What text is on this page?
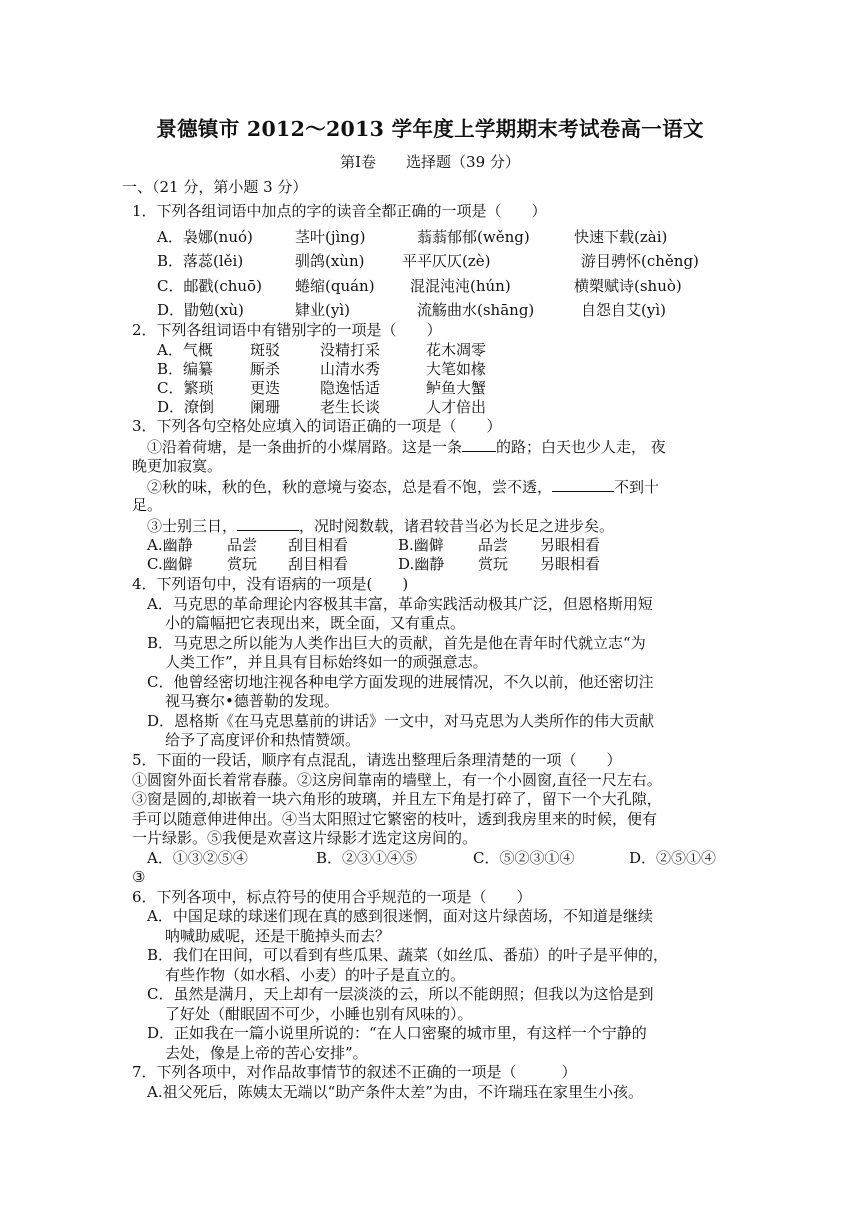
景德镇市 2012～2013 学年度上学期期末考试卷高一语文
第Ⅰ卷　　选择题（39 分）
一、（21 分，第小题 3 分）
1．下列各组词语中加点的字的读音全都正确的一项是（　　）
A．袅娜(nuó)	茎叶(jìng)	蓊蓊郁郁(wěng)	快速下载(zài)
B．落蕊(lěi)	驯鸽(xùn)	平平仄仄(zè)	游目骋怀(chěng)
C．邮戳(chuō) 蜷缩(quán) 混混沌沌(hún)	横槊赋诗(shuò)
D．勖勉(xù)	肄业(yì)	流觞曲水(shāng)	自怨自艾(yì)
2．下列各组词语中有错别字的一项是（　　）
A．气概 斑驳	没精打采	花木凋零
B．编纂 厮杀	山清水秀	大笔如椽
C．繁琐 更迭	隐逸恬适	鲈鱼大蟹
D．潦倒 阑珊	老生长谈	人才倍出
3．下列各句空格处应填入的词语正确的一项是（　　）
①沿着荷塘，是一条曲折的小煤屑路。这是一条 的路；白天也少人走， 夜
晚更加寂寞。
②秋的味，秋的色，秋的意境与姿态，总是看不饱，尝不透，	不到十
足。
③士别三日，	，况时阅数载，诸君较昔当必为长足之进步矣。
A.幽静 品尝 刮目相看	B.幽僻 品尝 另眼相看
C.幽僻 赏玩 刮目相看	D.幽静 赏玩 另眼相看
4．下列语句中，没有语病的一项是(　　)
A．马克思的革命理论内容极其丰富，革命实践活动极其广泛，但恩格斯用短
小的篇幅把它表现出来，既全面，又有重点。
B．马克思之所以能为人类作出巨大的贡献，首先是他在青年时代就立志“为
人类工作”，并且具有目标始终如一的顽强意志。
C．他曾经密切地注视各种电学方面发现的进展情况，不久以前，他还密切注
视马赛尔•德普勒的发现。
D．恩格斯《在马克思墓前的讲话》一文中，对马克思为人类所作的伟大贡献
给予了高度评价和热情赞颂。
5．下面的一段话，顺序有点混乱，请选出整理后条理清楚的一项（　　）
①圆窗外面长着常春藤。②这房间靠南的墙壁上，有一个小圆窗,直径一尺左右。
③窗是圆的,却嵌着一块六角形的玻璃，并且左下角是打碎了，留下一个大孔隙，
手可以随意伸进伸出。④当太阳照过它繁密的枝叶，透到我房里来的时候，便有
一片绿影。⑤我便是欢喜这片绿影才选定这房间的。
A．①③②⑤④	B．②③①④⑤	C．⑤②③①④	D．②⑤①④
③
6．下列各项中，标点符号的使用合乎规范的一项是（　　）
A．中国足球的球迷们现在真的感到很迷惘，面对这片绿茵场，不知道是继续
呐喊助威呢，还是干脆掉头而去？
B．我们在田间，可以看到有些瓜果、蔬菜（如丝瓜、番茄）的叶子是平伸的，
有些作物（如水稻、小麦）的叶子是直立的。
C．虽然是满月，天上却有一层淡淡的云，所以不能朗照；但我以为这恰是到
了好处（酣眠固不可少，小睡也别有风味的）。
D．正如我在一篇小说里所说的：“在人口密聚的城市里，有这样一个宁静的
去处，像是上帝的苦心安排”。
7．下列各项中，对作品故事情节的叙述不正确的一项是（　　　）
A.祖父死后，陈姨太无端以“助产条件太差”为由，不许瑞珏在家里生小孩。
